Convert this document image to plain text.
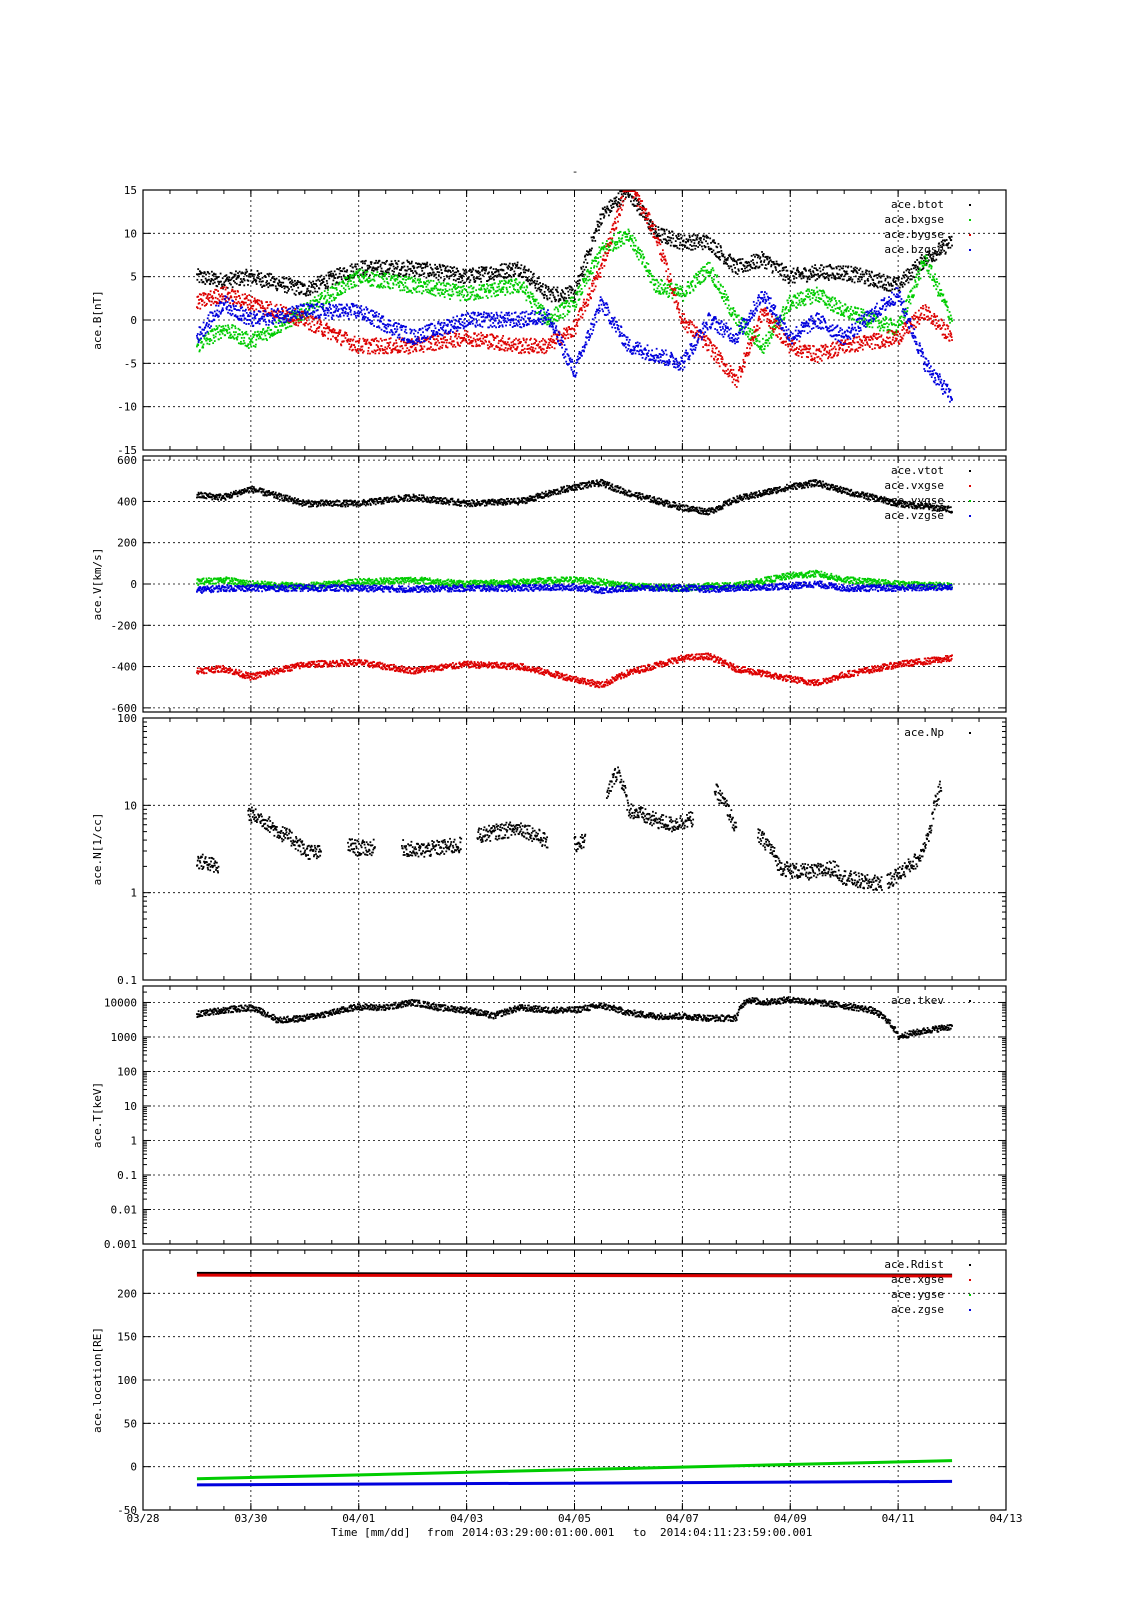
-
15
10
5
0
-5
-10
-15
ace.B[nT]
ace.btot
ace.bxgse
ace.bygse
ace.bzgse
600
400
200
0
-200
-400
-600
ace.V[km/s]
ace.vtot
ace.vxgse
ace.vygse
ace.vzgse
100
10
1
0.1
ace.N[1/cc]
ace.Np
10000
1000
100
10
1
0.1
0.01
0.001
ace.T[keV]
ace.tkev
200
150
100
50
0
-50
ace.location[RE]
ace.Rdist
ace.xgse
ace.ygse
ace.zgse
03/28	03/30	04/01	04/03	04/05	04/07	04/09	04/11	04/13
Time [mm/dd] from 2014:03:29:00:01:00.001 to 2014:04:11:23:59:00.001
